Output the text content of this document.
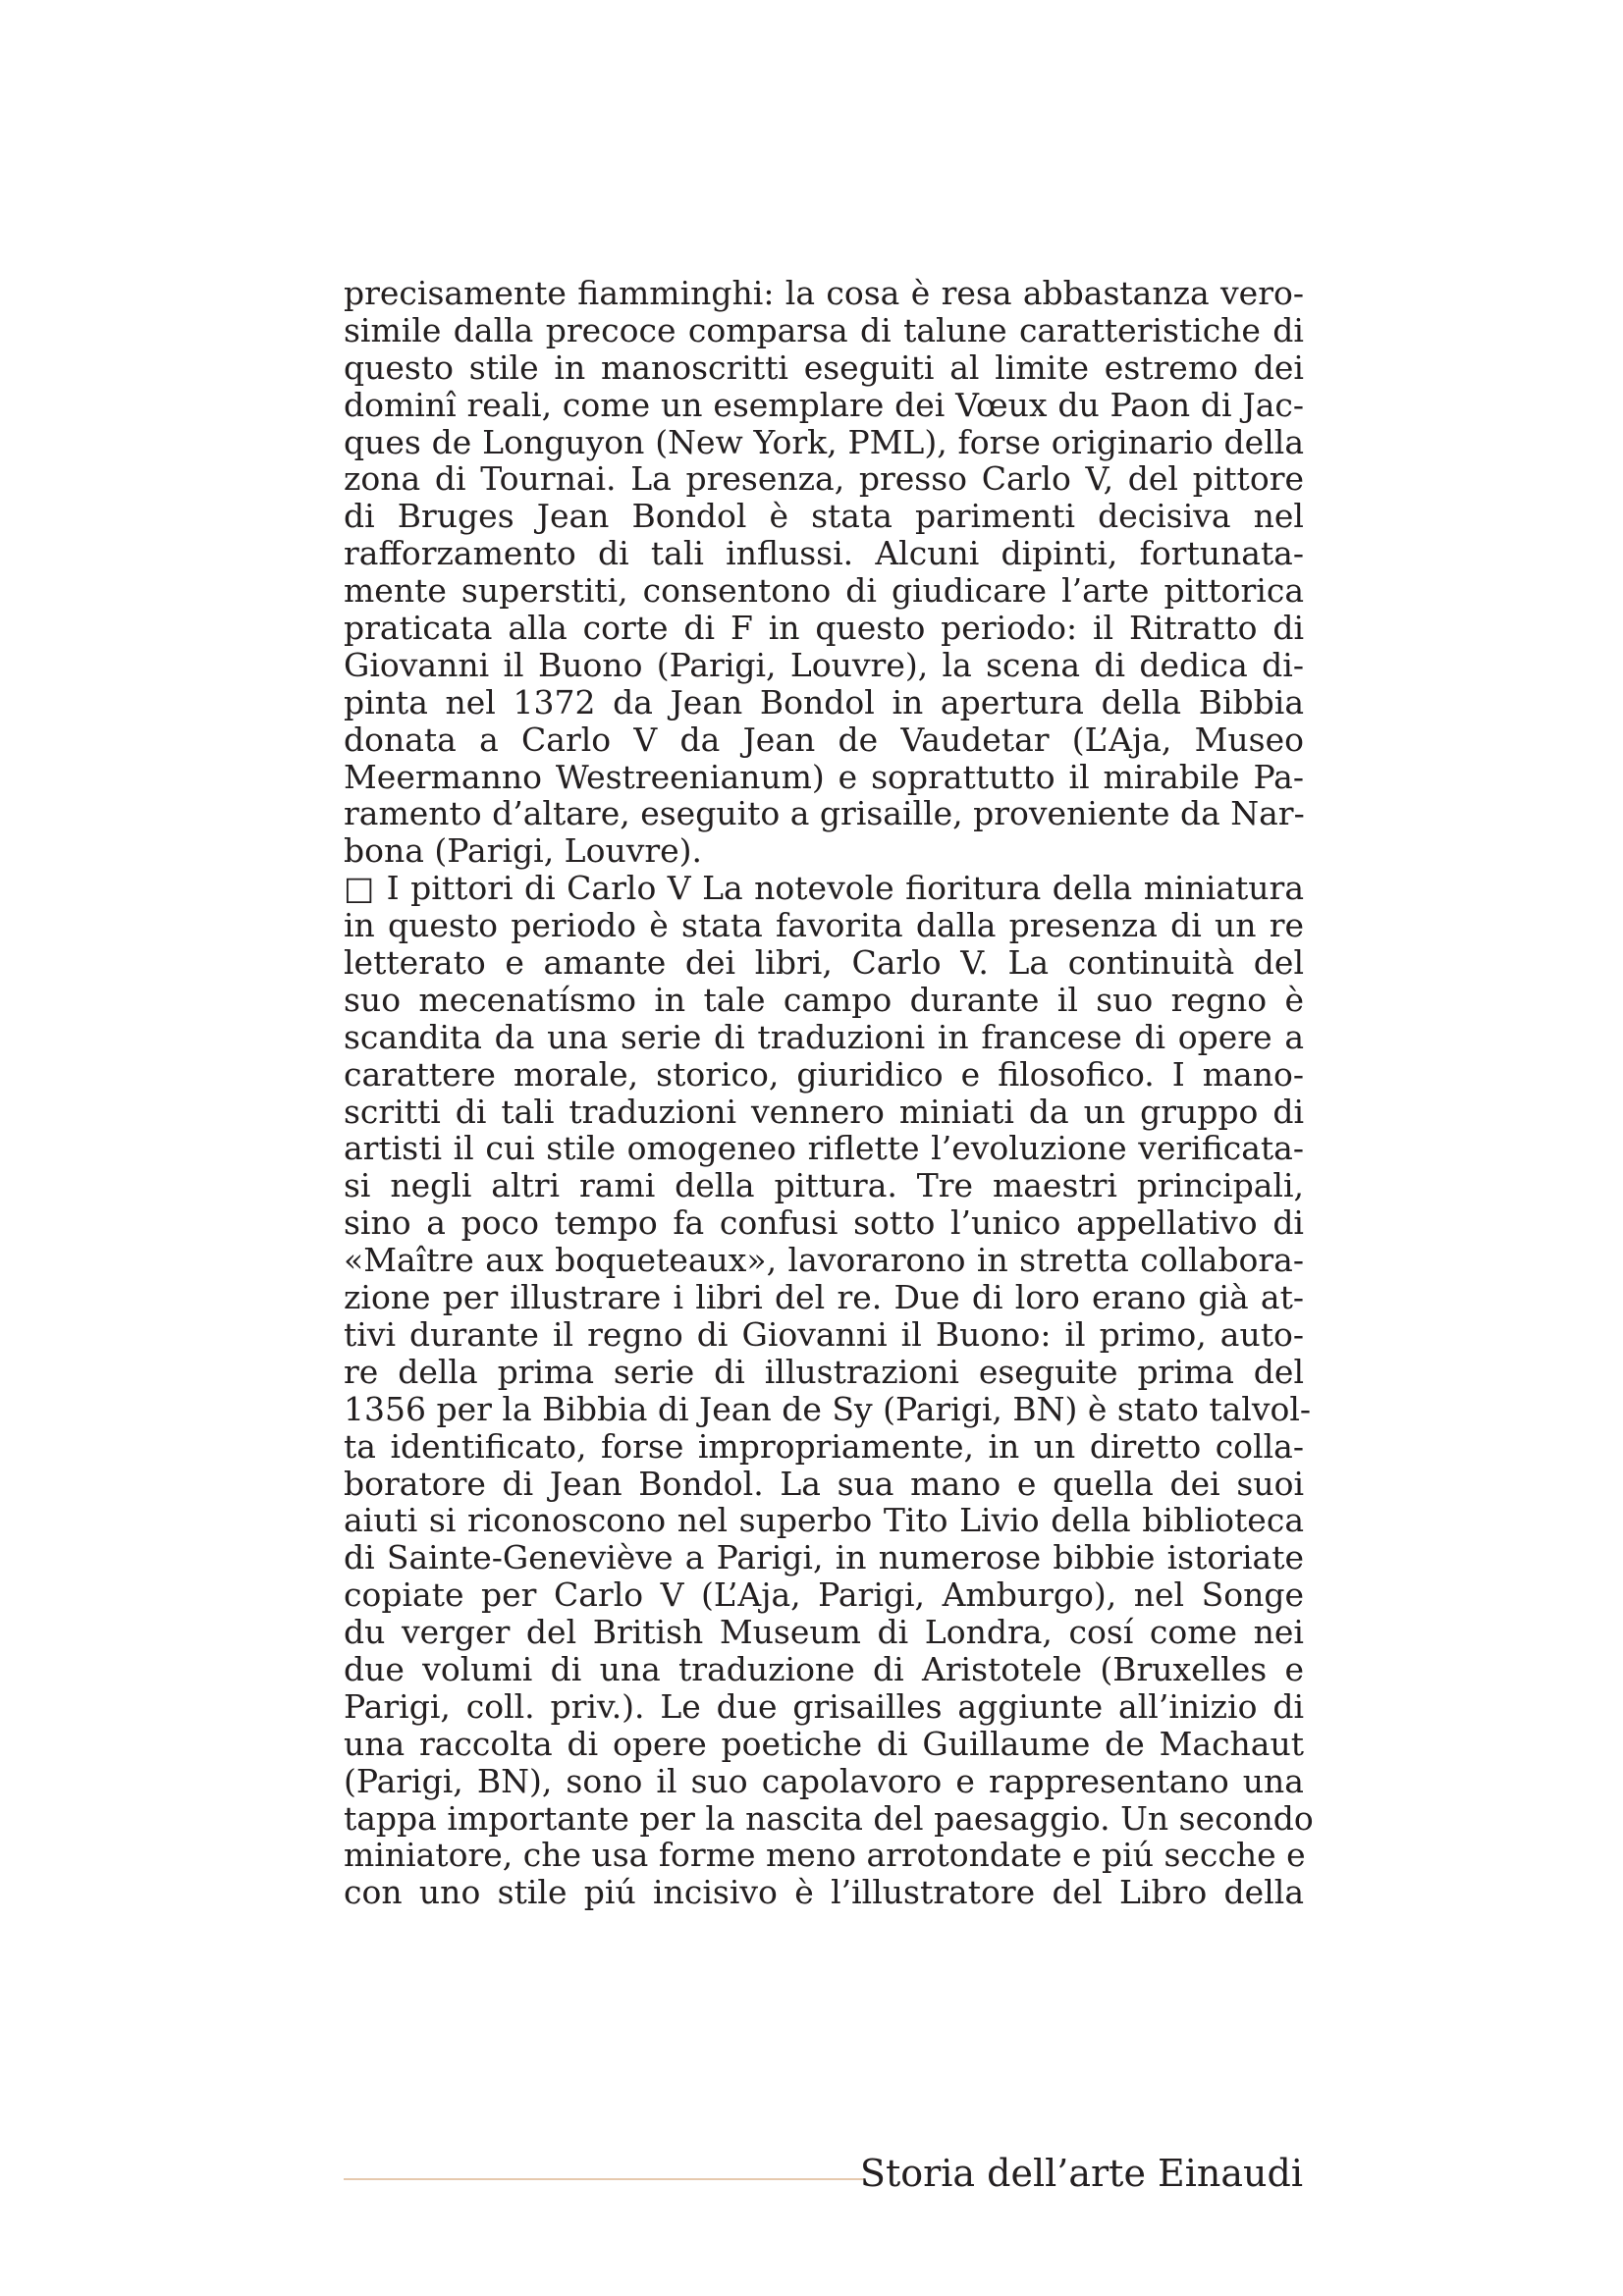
precisamente fiamminghi: la cosa è resa abbastanza vero-
simile dalla precoce comparsa di talune caratteristiche di
questo stile in manoscritti eseguiti al limite estremo dei
dominî reali, come un esemplare dei Vœux du Paon di Jac-
ques de Longuyon (New York, PML), forse originario della
zona di Tournai. La presenza, presso Carlo V, del pittore
di Bruges Jean Bondol è stata parimenti decisiva nel
rafforzamento di tali influssi. Alcuni dipinti, fortunata-
mente superstiti, consentono di giudicare l’arte pittorica
praticata alla corte di F in questo periodo: il Ritratto di
Giovanni il Buono (Parigi, Louvre), la scena di dedica di-
pinta nel 1372 da Jean Bondol in apertura della Bibbia
donata a Carlo V da Jean de Vaudetar (L’Aja, Museo
Meermanno Westreenianum) e soprattutto il mirabile Pa-
ramento d’altare, eseguito a grisaille, proveniente da Nar-
bona (Parigi, Louvre).
□ I pittori di Carlo V La notevole fioritura della miniatura
in questo periodo è stata favorita dalla presenza di un re
letterato e amante dei libri, Carlo V. La continuità del
suo mecenatísmo in tale campo durante il suo regno è
scandita da una serie di traduzioni in francese di opere a
carattere morale, storico, giuridico e filosofico. I mano-
scritti di tali traduzioni vennero miniati da un gruppo di
artisti il cui stile omogeneo riflette l’evoluzione verificata-
si negli altri rami della pittura. Tre maestri principali,
sino a poco tempo fa confusi sotto l’unico appellativo di
«Maître aux boqueteaux», lavorarono in stretta collabora-
zione per illustrare i libri del re. Due di loro erano già at-
tivi durante il regno di Giovanni il Buono: il primo, auto-
re della prima serie di illustrazioni eseguite prima del
1356 per la Bibbia di Jean de Sy (Parigi, BN) è stato talvol-
ta identificato, forse impropriamente, in un diretto colla-
boratore di Jean Bondol. La sua mano e quella dei suoi
aiuti si riconoscono nel superbo Tito Livio della biblioteca
di Sainte-Geneviève a Parigi, in numerose bibbie istoriate
copiate per Carlo V (L’Aja, Parigi, Amburgo), nel Songe
du verger del British Museum di Londra, cosí come nei
due volumi di una traduzione di Aristotele (Bruxelles e
Parigi, coll. priv.). Le due grisailles aggiunte all’inizio di
una raccolta di opere poetiche di Guillaume de Machaut
(Parigi, BN), sono il suo capolavoro e rappresentano una
tappa importante per la nascita del paesaggio. Un secondo
miniatore, che usa forme meno arrotondate e piú secche e
con uno stile piú incisivo è l’illustratore del Libro della
Storia dell’arte Einaudi
